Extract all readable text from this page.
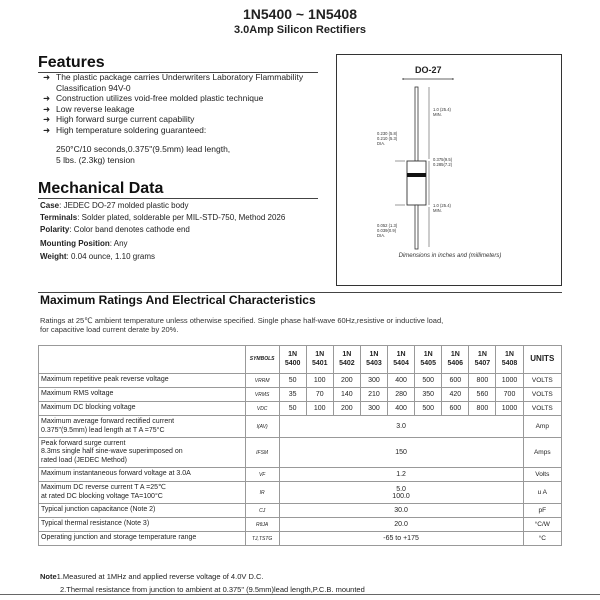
1N5400 ~ 1N5408
3.0Amp Silicon Rectifiers
Features
➜ The plastic package carries Underwriters Laboratory Flammability Classification 94V-0
➜ Construction utilizes void-free molded plastic technique
➜ Low reverse leakage
➜ High forward surge current capability
➜ High temperature soldering guaranteed:
250°C/10 seconds,0.375"(9.5mm) lead length,
5 lbs. (2.3kg) tension
Mechanical Data
Case: JEDEC DO-27 molded plastic body
Terminals: Solder plated, solderable per MIL-STD-750, Method 2026
Polarity: Color band denotes cathode end
Mounting Position: Any
Weight: 0.04 ounce, 1.10 grams
DO-27
1.0 (25.4)
MIN.
0.230 (5.8)
0.210 (5.3)
DIA.
0.375(9.5)
0.285(7.2)
1.0 (25.4)
MIN.
0.052 (1.3)
0.039(0.9)
DIA.
Dimensions in inches and (millimeters)
Maximum Ratings And Electrical Characteristics
Ratings at 25℃ ambient temperature unless otherwise specified. Single phase half-wave 60Hz,resistive or inductive load,
for capacitive load current derate by 20%.
	SYMBOLS	1N
5400	1N
5401	1N
5402	1N
5403	1N
5404	1N
5405	1N
5406	1N
5407	1N
5408	UNITS
Maximum repetitive peak reverse voltage	VRRM	50	100	200	300	400	500	600	800	1000	VOLTS
Maximum RMS voltage	VRMS	35	70	140	210	280	350	420	560	700	VOLTS
Maximum DC blocking voltage	VDC	50	100	200	300	400	500	600	800	1000	VOLTS
Maximum average forward rectified current
0.375"(9.5mm) lead length at T A =75°C	I(AV)	3.0									Amp
Peak forward surge current
8.3ms single half sine-wave superimposed on
rated load (JEDEC Method)	IFSM	150									Amps
Maximum instantaneous forward voltage at 3.0A	VF	1.2									Volts
Maximum DC reverse current T A =25℃
at rated DC blocking voltage TA=100°C	IR	5.0
100.0									u A
Typical junction capacitance (Note 2)	CJ	30.0									pF
Typical thermal resistance (Note 3)	RθJA	20.0									°C/W
Operating junction and storage temperature range	TJ,TSTG	-65 to +175									°C
Note1.Measured at 1MHz and applied reverse voltage of 4.0V D.C.
2.Thermal resistance from junction to ambient at 0.375" (9.5mm)lead length,P.C.B. mounted
